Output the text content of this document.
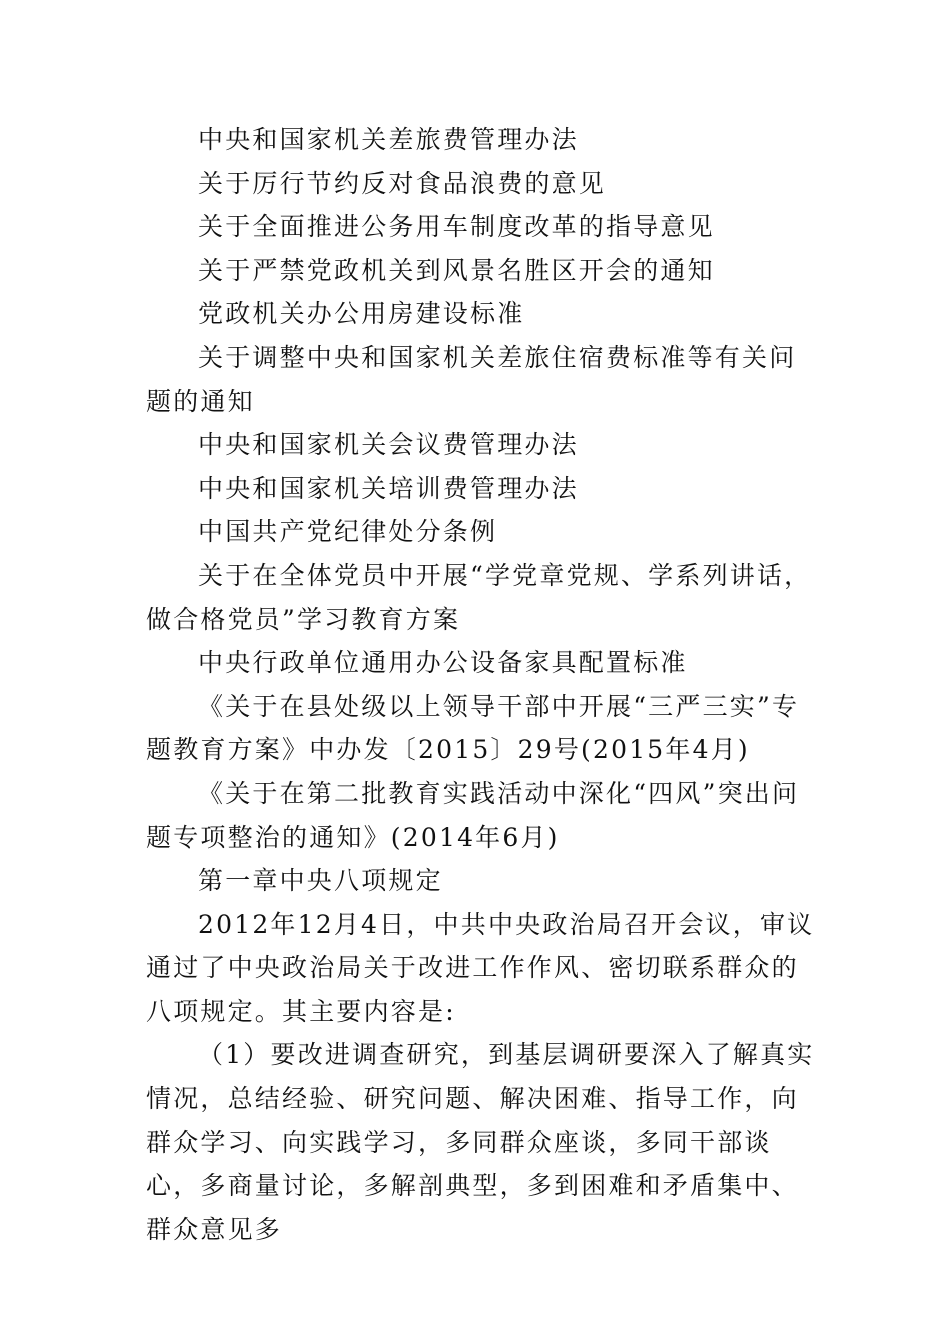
中央和国家机关差旅费管理办法

关于厉行节约反对食品浪费的意见

关于全面推进公务用车制度改革的指导意见

关于严禁党政机关到风景名胜区开会的通知

党政机关办公用房建设标准

关于调整中央和国家机关差旅住宿费标准等有关问题的通知

中央和国家机关会议费管理办法

中央和国家机关培训费管理办法

中国共产党纪律处分条例

关于在全体党员中开展“学党章党规、学系列讲话，做合格党员”学习教育方案

中央行政单位通用办公设备家具配置标准

《关于在县处级以上领导干部中开展“三严三实”专题教育方案》中办发〔2015〕29号(2015年4月)

《关于在第二批教育实践活动中深化“四风”突出问题专项整治的通知》(2014年6月)

第一章中央八项规定

2012年12月4日，中共中央政治局召开会议，审议通过了中央政治局关于改进工作作风、密切联系群众的八项规定。其主要内容是:

（1）要改进调查研究，到基层调研要深入了解真实情况，总结经验、研究问题、解决困难、指导工作，向群众学习、向实践学习，多同群众座谈，多同干部谈心，多商量讨论，多解剖典型，多到困难和矛盾集中、群众意见多
